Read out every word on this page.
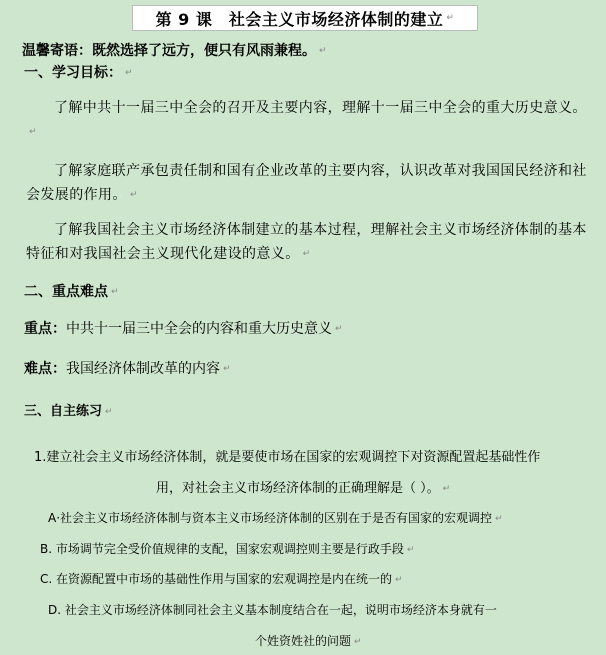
第 9 课　社会主义市场经济体制的建立 ↵
温馨寄语：既然选择了远方，便只有风雨兼程。 ↵
一、学习目标： ↵
了解中共十一届三中全会的召开及主要内容，理解十一届三中全会的重大历史意义。↵
了解家庭联产承包责任制和国有企业改革的主要内容，认识改革对我国国民经济和社会发展的作用。 ↵
了解我国社会主义市场经济体制建立的基本过程，理解社会主义市场经济体制的基本特征和对我国社会主义现代化建设的意义。 ↵
二、重点难点 ↵
重点：中共十一届三中全会的内容和重大历史意义 ↵
难点：我国经济体制改革的内容 ↵
三、自主练习 ↵
1.建立社会主义市场经济体制，就是要使市场在国家的宏观调控下对资源配置起基础性作
用，对社会主义市场经济体制的正确理解是（ ）。 ↵
A·社会主义市场经济体制与资本主义市场经济体制的区别在于是否有国家的宏观调控 ↵
B. 市场调节完全受价值规律的支配，国家宏观调控则主要是行政手段 ↵
C. 在资源配置中市场的基础性作用与国家的宏观调控是内在统一的 ↵
D. 社会主义市场经济体制同社会主义基本制度结合在一起，说明市场经济本身就有一
个姓资姓社的问题 ↵
